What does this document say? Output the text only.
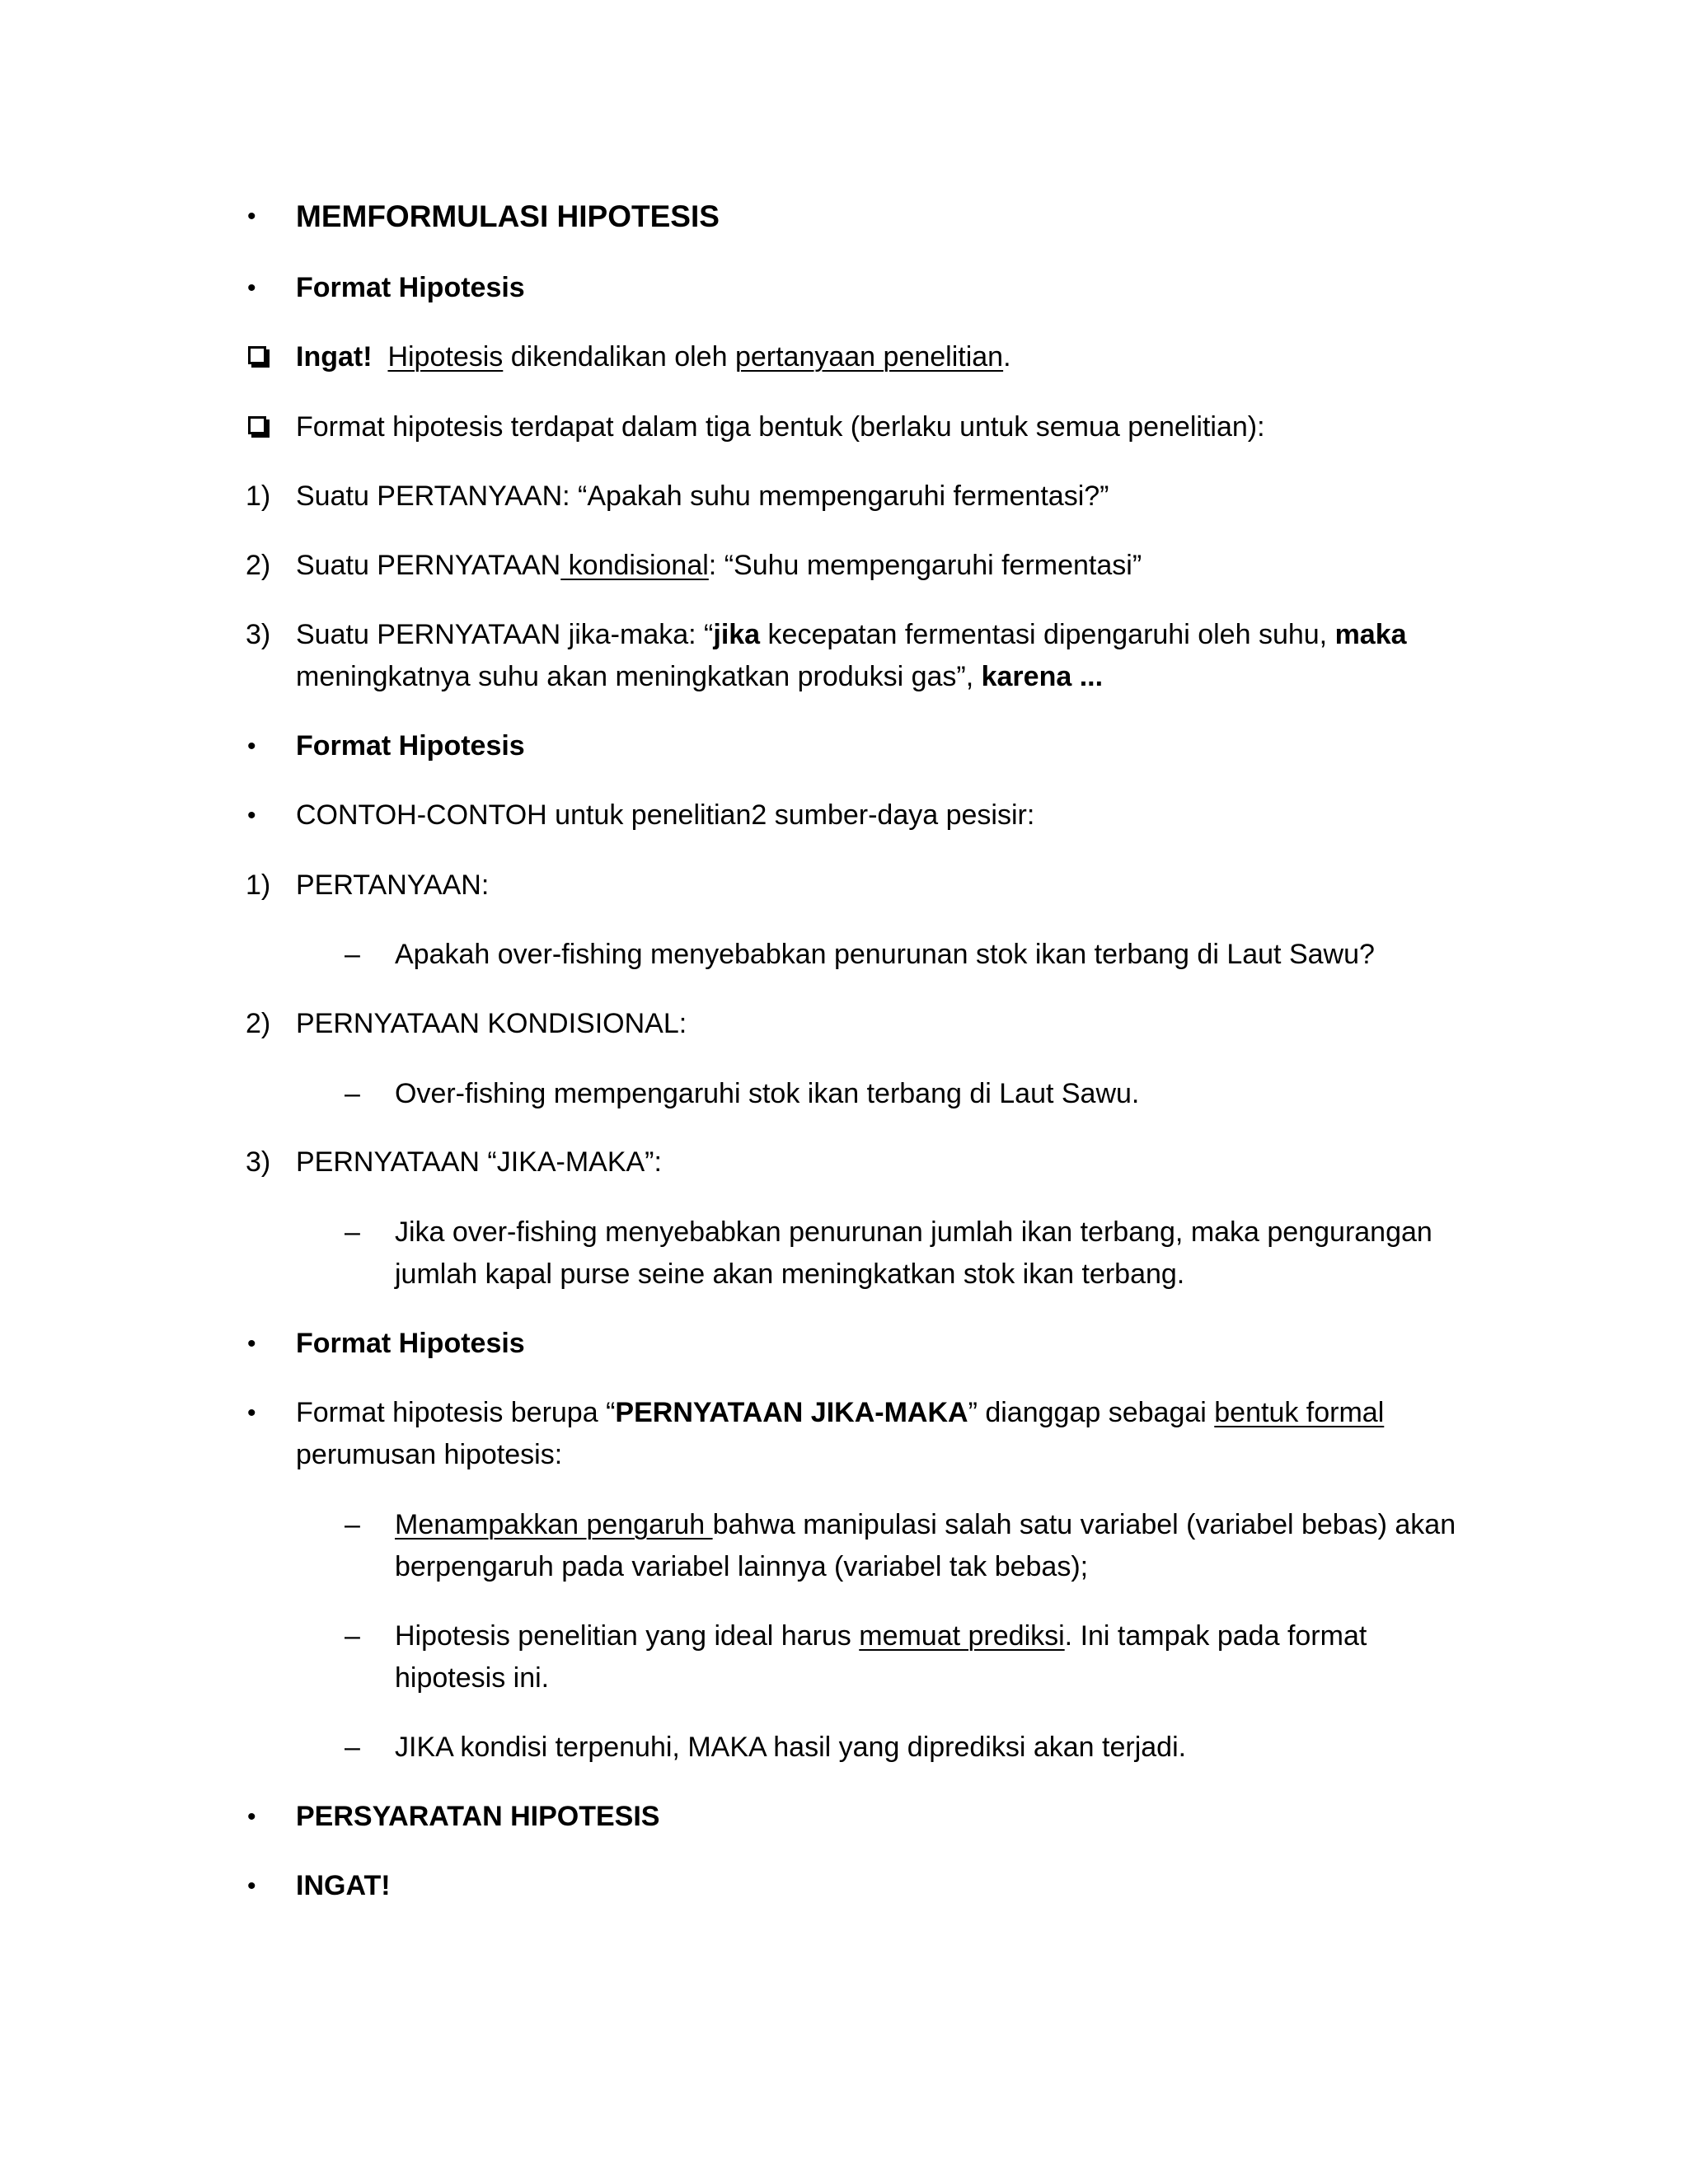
• MEMFORMULASI HIPOTESIS
• Format Hipotesis
Ingat! Hipotesis dikendalikan oleh pertanyaan penelitian.
Format hipotesis terdapat dalam tiga bentuk (berlaku untuk semua penelitian):
1) Suatu PERTANYAAN: “Apakah suhu mempengaruhi fermentasi?”
2) Suatu PERNYATAAN kondisional: “Suhu mempengaruhi fermentasi”
3) Suatu PERNYATAAN jika-maka: “jika kecepatan fermentasi dipengaruhi oleh suhu, maka
meningkatnya suhu akan meningkatkan produksi gas”, karena ...
• Format Hipotesis
• CONTOH-CONTOH untuk penelitian2 sumber-daya pesisir:
1) PERTANYAAN:
– Apakah over-fishing menyebabkan penurunan stok ikan terbang di Laut Sawu?
2) PERNYATAAN KONDISIONAL:
– Over-fishing mempengaruhi stok ikan terbang di Laut Sawu.
3) PERNYATAAN “JIKA-MAKA”:
– Jika over-fishing menyebabkan penurunan jumlah ikan terbang, maka pengurangan
jumlah kapal purse seine akan meningkatkan stok ikan terbang.
• Format Hipotesis
• Format hipotesis berupa “PERNYATAAN JIKA-MAKA” dianggap sebagai bentuk formal
perumusan hipotesis:
– Menampakkan pengaruh bahwa manipulasi salah satu variabel (variabel bebas) akan
berpengaruh pada variabel lainnya (variabel tak bebas);
– Hipotesis penelitian yang ideal harus memuat prediksi. Ini tampak pada format
hipotesis ini.
– JIKA kondisi terpenuhi, MAKA hasil yang diprediksi akan terjadi.
• PERSYARATAN HIPOTESIS
• INGAT!
